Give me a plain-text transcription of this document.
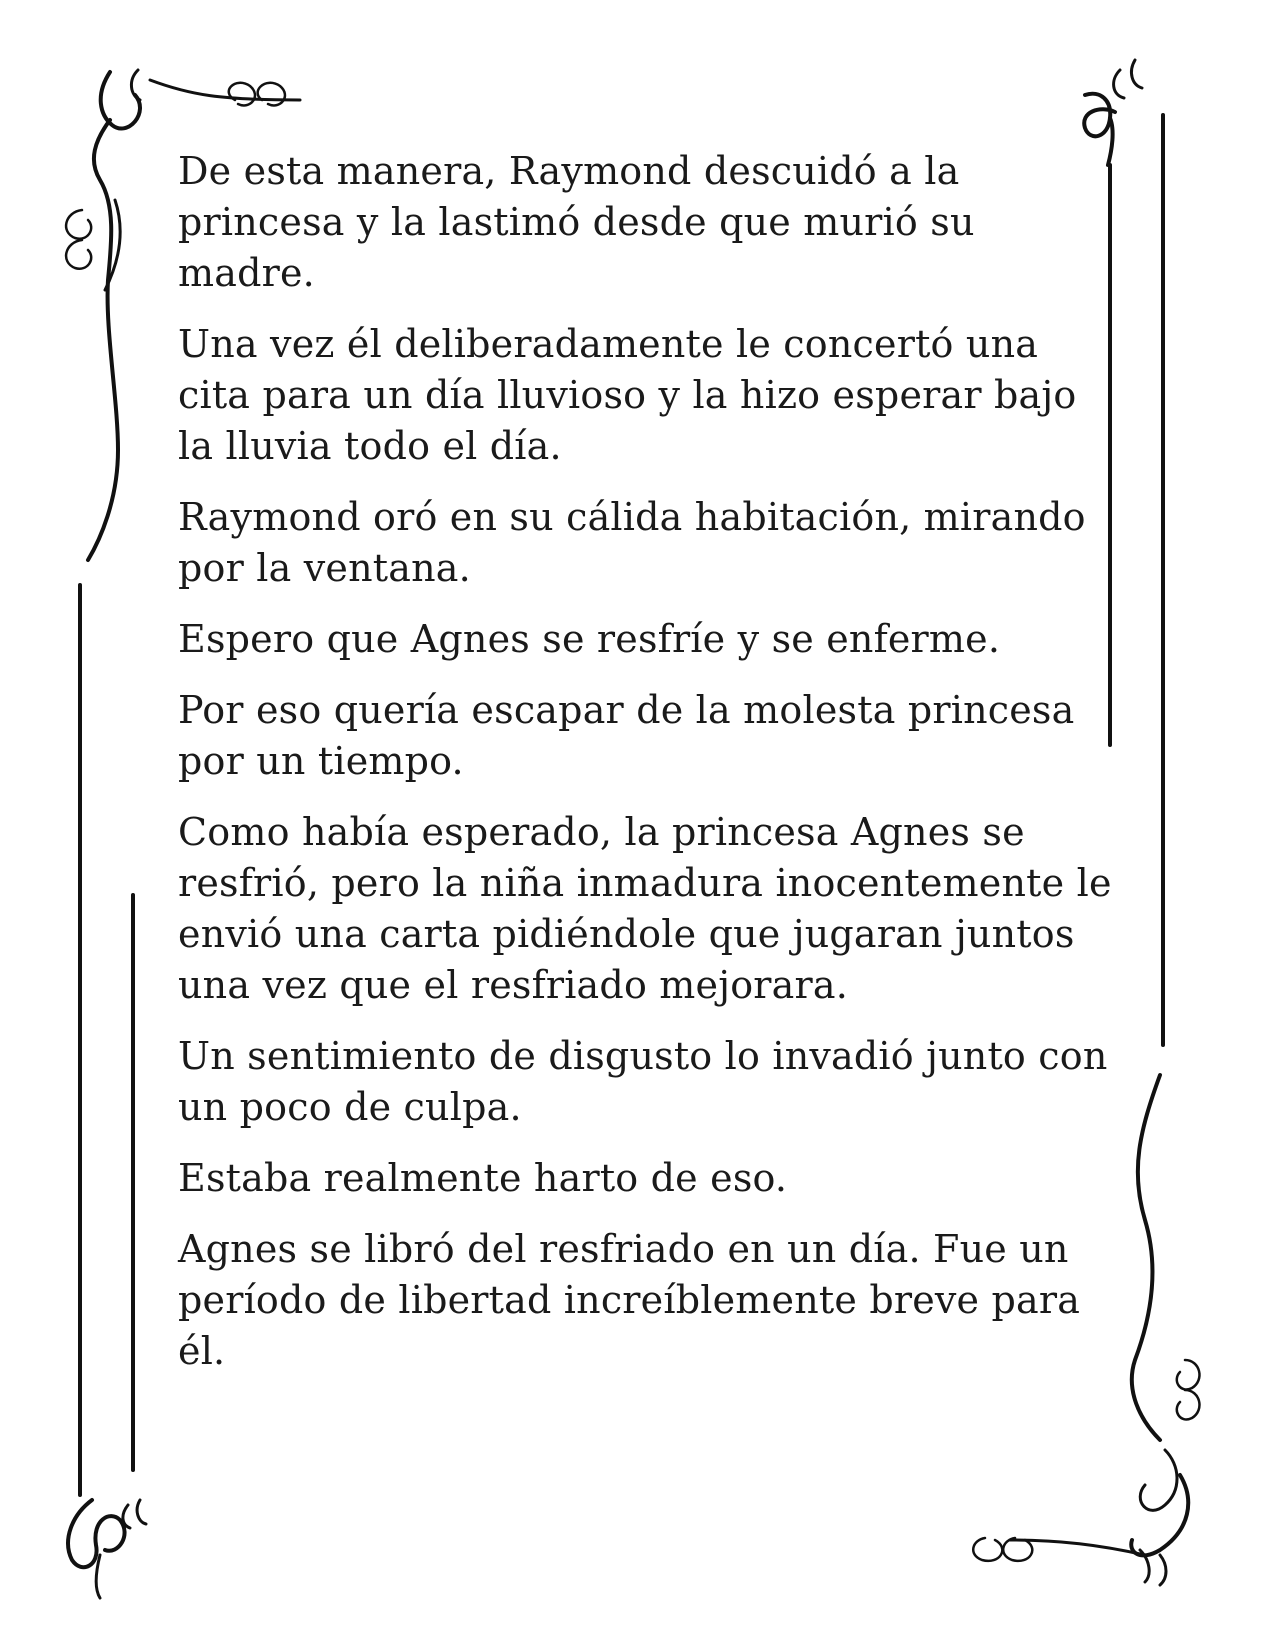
De esta manera, Raymond descuidó a la princesa y la lastimó desde que murió su madre.

Una vez él deliberadamente le concertó una cita para un día lluvioso y la hizo esperar bajo la lluvia todo el día.

Raymond oró en su cálida habitación, mirando por la ventana.

Espero que Agnes se resfríe y se enferme.

Por eso quería escapar de la molesta princesa por un tiempo.

Como había esperado, la princesa Agnes se resfrió, pero la niña inmadura inocentemente le envió una carta pidiéndole que jugaran juntos una vez que el resfriado mejorara.

Un sentimiento de disgusto lo invadió junto con un poco de culpa.

Estaba realmente harto de eso.

Agnes se libró del resfriado en un día. Fue un período de libertad increíblemente breve para él.
